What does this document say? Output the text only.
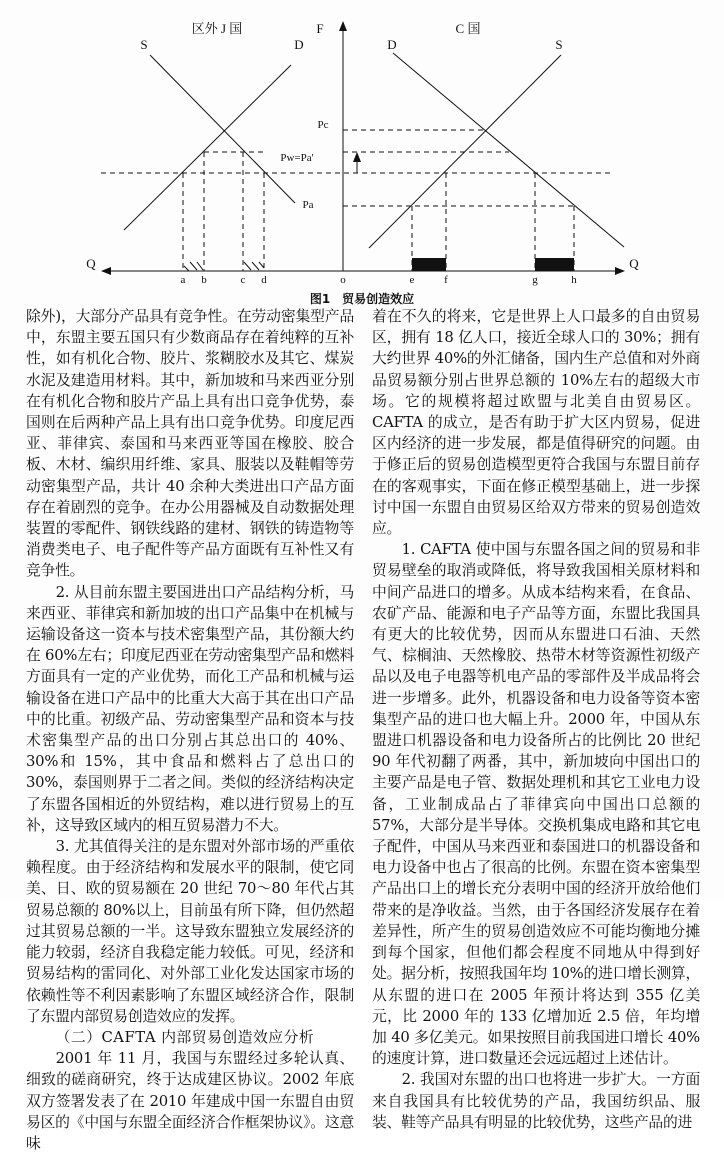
区外 J 国	F	C 国
S	D	D	S
Q	Q
Pc
Pw=Pa'
Pa
a b	c d	o	e	f	g	h
图1　贸易创造效应

除外)，大部分产品具有竞争性。在劳动密集型产品中，东盟主要五国只有少数商品存在着纯粹的互补性，如有机化合物、胶片、浆糊胶水及其它、煤炭水泥及建造用材料。其中，新加坡和马来西亚分别在有机化合物和胶片产品上具有出口竞争优势，泰国则在后两种产品上具有出口竞争优势。印度尼西亚、菲律宾、泰国和马来西亚等国在橡胶、胶合板、木材、编织用纤维、家具、服装以及鞋帽等劳动密集型产品，共计 40 余种大类进出口产品方面存在着剧烈的竞争。在办公用器械及自动数据处理装置的零配件、钢铁线路的建材、钢铁的铸造物等消费类电子、电子配件等产品方面既有互补性又有竞争性。

2. 从目前东盟主要国进出口产品结构分析，马来西亚、菲律宾和新加坡的出口产品集中在机械与运输设备这一资本与技术密集型产品，其份额大约在 60%左右；印度尼西亚在劳动密集型产品和燃料方面具有一定的产业优势，而化工产品和机械与运输设备在进口产品中的比重大大高于其在出口产品中的比重。初级产品、劳动密集型产品和资本与技术密集型产品的出口分别占其总出口的 40%、30%和 15%，其中食品和燃料占了总出口的 30%，泰国则界于二者之间。类似的经济结构决定了东盟各国相近的外贸结构，难以进行贸易上的互补，这导致区域内的相互贸易潜力不大。

3. 尤其值得关注的是东盟对外部市场的严重依赖程度。由于经济结构和发展水平的限制，使它同美、日、欧的贸易额在 20 世纪 70～80 年代占其贸易总额的 80%以上，目前虽有所下降，但仍然超过其贸易总额的一半。这导致东盟独立发展经济的能力较弱，经济自我稳定能力较低。可见，经济和贸易结构的雷同化、对外部工业化发达国家市场的依赖性等不利因素影响了东盟区域经济合作，限制了东盟内部贸易创造效应的发挥。

（二）CAFTA 内部贸易创造效应分析

2001 年 11 月，我国与东盟经过多轮认真、细致的磋商研究，终于达成建区协议。2002 年底双方签署发表了在 2010 年建成中国一东盟自由贸易区的《中国与东盟全面经济合作框架协议》。这意味

着在不久的将来，它是世界上人口最多的自由贸易区，拥有 18 亿人口，接近全球人口的 30%；拥有大约世界 40%的外汇储备，国内生产总值和对外商品贸易额分别占世界总额的 10%左右的超级大市场。它的规模将超过欧盟与北美自由贸易区。CAFTA 的成立，是否有助于扩大区内贸易，促进区内经济的进一步发展，都是值得研究的问题。由于修正后的贸易创造模型更符合我国与东盟目前存在的客观事实，下面在修正模型基础上，进一步探讨中国一东盟自由贸易区给双方带来的贸易创造效应。

1. CAFTA 使中国与东盟各国之间的贸易和非贸易壁垒的取消或降低，将导致我国相关原材料和中间产品进口的增多。从成本结构来看，在食品、农矿产品、能源和电子产品等方面，东盟比我国具有更大的比较优势，因而从东盟进口石油、天然气、棕榈油、天然橡胶、热带木材等资源性初级产品以及电子电器等机电产品的零部件及半成品将会进一步增多。此外，机器设备和电力设备等资本密集型产品的进口也大幅上升。2000 年，中国从东盟进口机器设备和电力设备所占的比例比 20 世纪 90 年代初翻了两番，其中，新加坡向中国出口的主要产品是电子管、数据处理机和其它工业电力设备，工业制成品占了菲律宾向中国出口总额的 57%，大部分是半导体。交换机集成电路和其它电子配件，中国从马来西亚和泰国进口的机器设备和电力设备中也占了很高的比例。东盟在资本密集型产品出口上的增长充分表明中国的经济开放给他们带来的是净收益。当然，由于各国经济发展存在着差异性，所产生的贸易创造效应不可能均衡地分摊到每个国家，但他们都会程度不同地从中得到好处。据分析，按照我国年均 10%的进口增长测算，从东盟的进口在 2005 年预计将达到 355 亿美元，比 2000 年的 133 亿增加近 2.5 倍，年均增加 40 多亿美元。如果按照目前我国进口增长 40%的速度计算，进口数量还会远远超过上述估计。

2. 我国对东盟的出口也将进一步扩大。一方面来自我国具有比较优势的产品，我国纺织品、服装、鞋等产品具有明显的比较优势，这些产品的进
